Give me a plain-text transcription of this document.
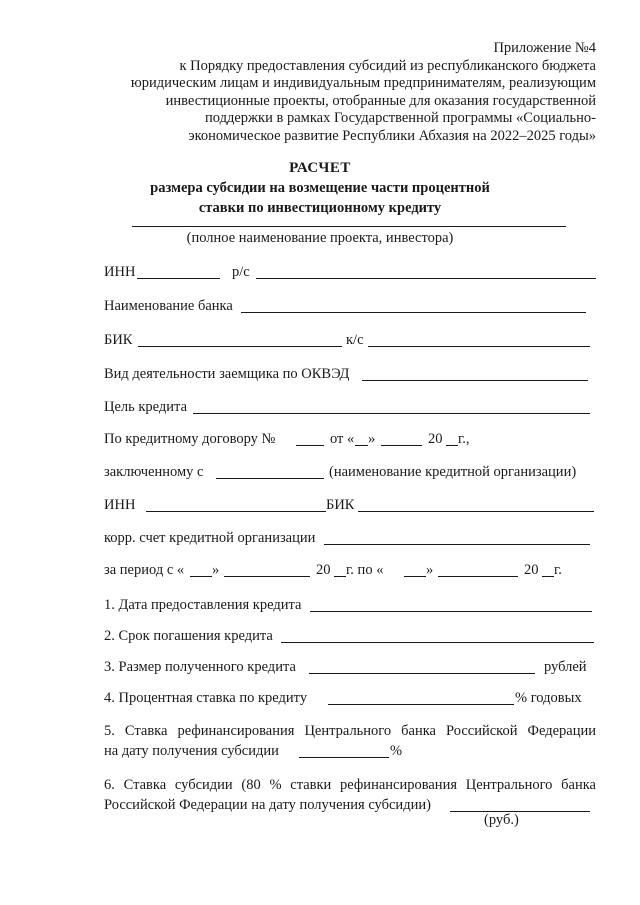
Приложение №4
к Порядку предоставления субсидий из республиканского бюджета
юридическим лицам и индивидуальным предпринимателям, реализующим
инвестиционные проекты, отобранные для оказания государственной
поддержки в рамках Государственной программы «Социально-
экономическое развитие Республики Абхазия на 2022–2025 годы»
РАСЧЕТ
размера субсидии на возмещение части процентной
ставки по инвестиционному кредиту
(полное наименование проекта, инвестора)
ИНН	р/с
Наименование банка
БИК	к/с
Вид деятельности заемщика по ОКВЭД
Цель кредита
По кредитному договору №	от « »	20 г.,
заключенному с	(наименование кредитной организации)
ИНН	БИК
корр. счет кредитной организации
за период с « »	20 г. по «	»	20 г.
1. Дата предоставления кредита
2. Срок погашения кредита
3. Размер полученного кредита	рублей
4. Процентная ставка по кредиту	% годовых
5. Ставка рефинансирования Центрального банка Российской Федерации
на дату получения субсидии	%
6. Ставка субсидии (80 % ставки рефинансирования Центрального банка
Российской Федерации на дату получения субсидии)
(руб.)
